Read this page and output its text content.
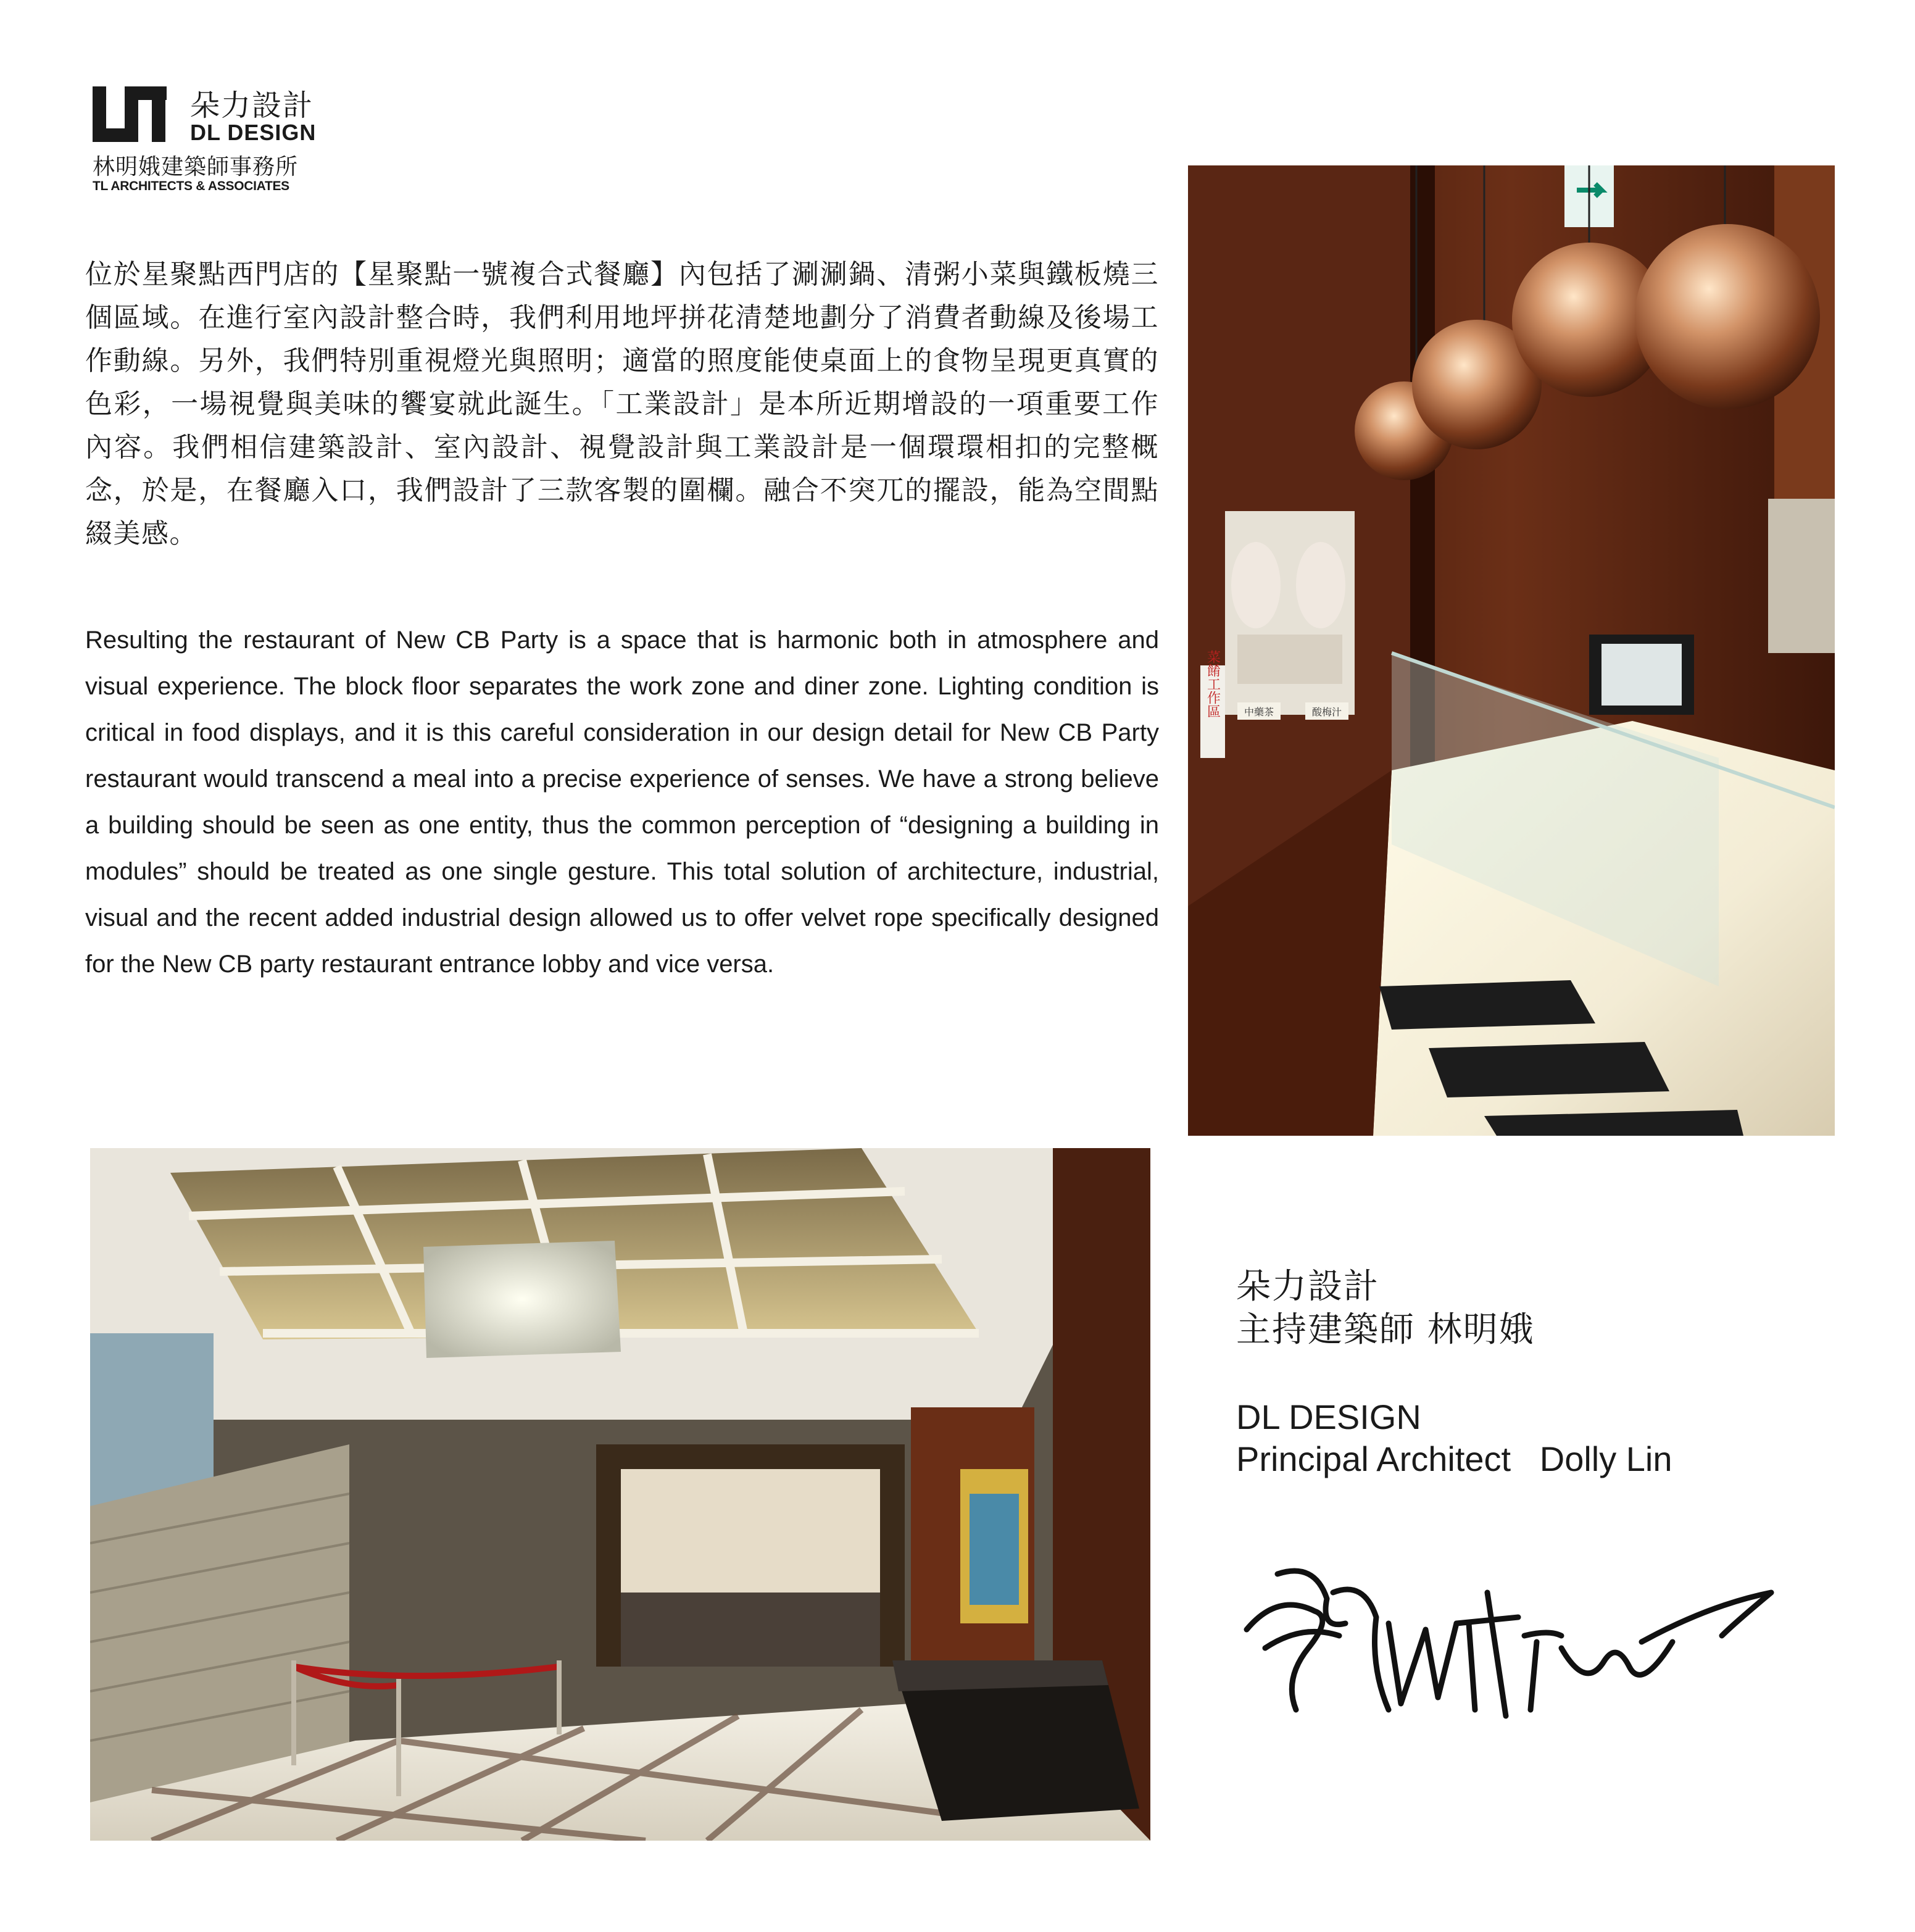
朵力設計
DL DESIGN
林明娥建築師事務所
TL ARCHITECTS & ASSOCIATES

位於星聚點西門店的【星聚點一號複合式餐廳】內包括了涮涮鍋、清粥小菜與鐵板燒三個區域。在進行室內設計整合時，我們利用地坪拼花清楚地劃分了消費者動線及後場工作動線。另外，我們特別重視燈光與照明；適當的照度能使桌面上的食物呈現更真實的色彩，一場視覺與美味的饗宴就此誕生。「工業設計」是本所近期增設的一項重要工作內容。我們相信建築設計、室內設計、視覺設計與工業設計是一個環環相扣的完整概念，於是，在餐廳入口，我們設計了三款客製的圍欄。融合不突兀的擺設，能為空間點綴美感。

Resulting the restaurant of New CB Party is a space that is harmonic both in atmosphere and visual experience. The block floor separates the work zone and diner zone. Lighting condition is critical in food displays, and it is this careful consideration in our design detail for New CB Party restaurant would transcend a meal into a precise experience of senses. We have a strong believe a building should be seen as one entity, thus the common perception of “designing a building in modules” should be treated as one single gesture. This total solution of architecture, industrial, visual and the recent added industrial design allowed us to offer velvet rope specifically designed for the New CB party restaurant entrance lobby and vice versa.

菜餚工作區 中藥茶	酸梅汁
朵力設計
主持建築師 林明娥
DL DESIGN
Principal Architect   Dolly Lin
